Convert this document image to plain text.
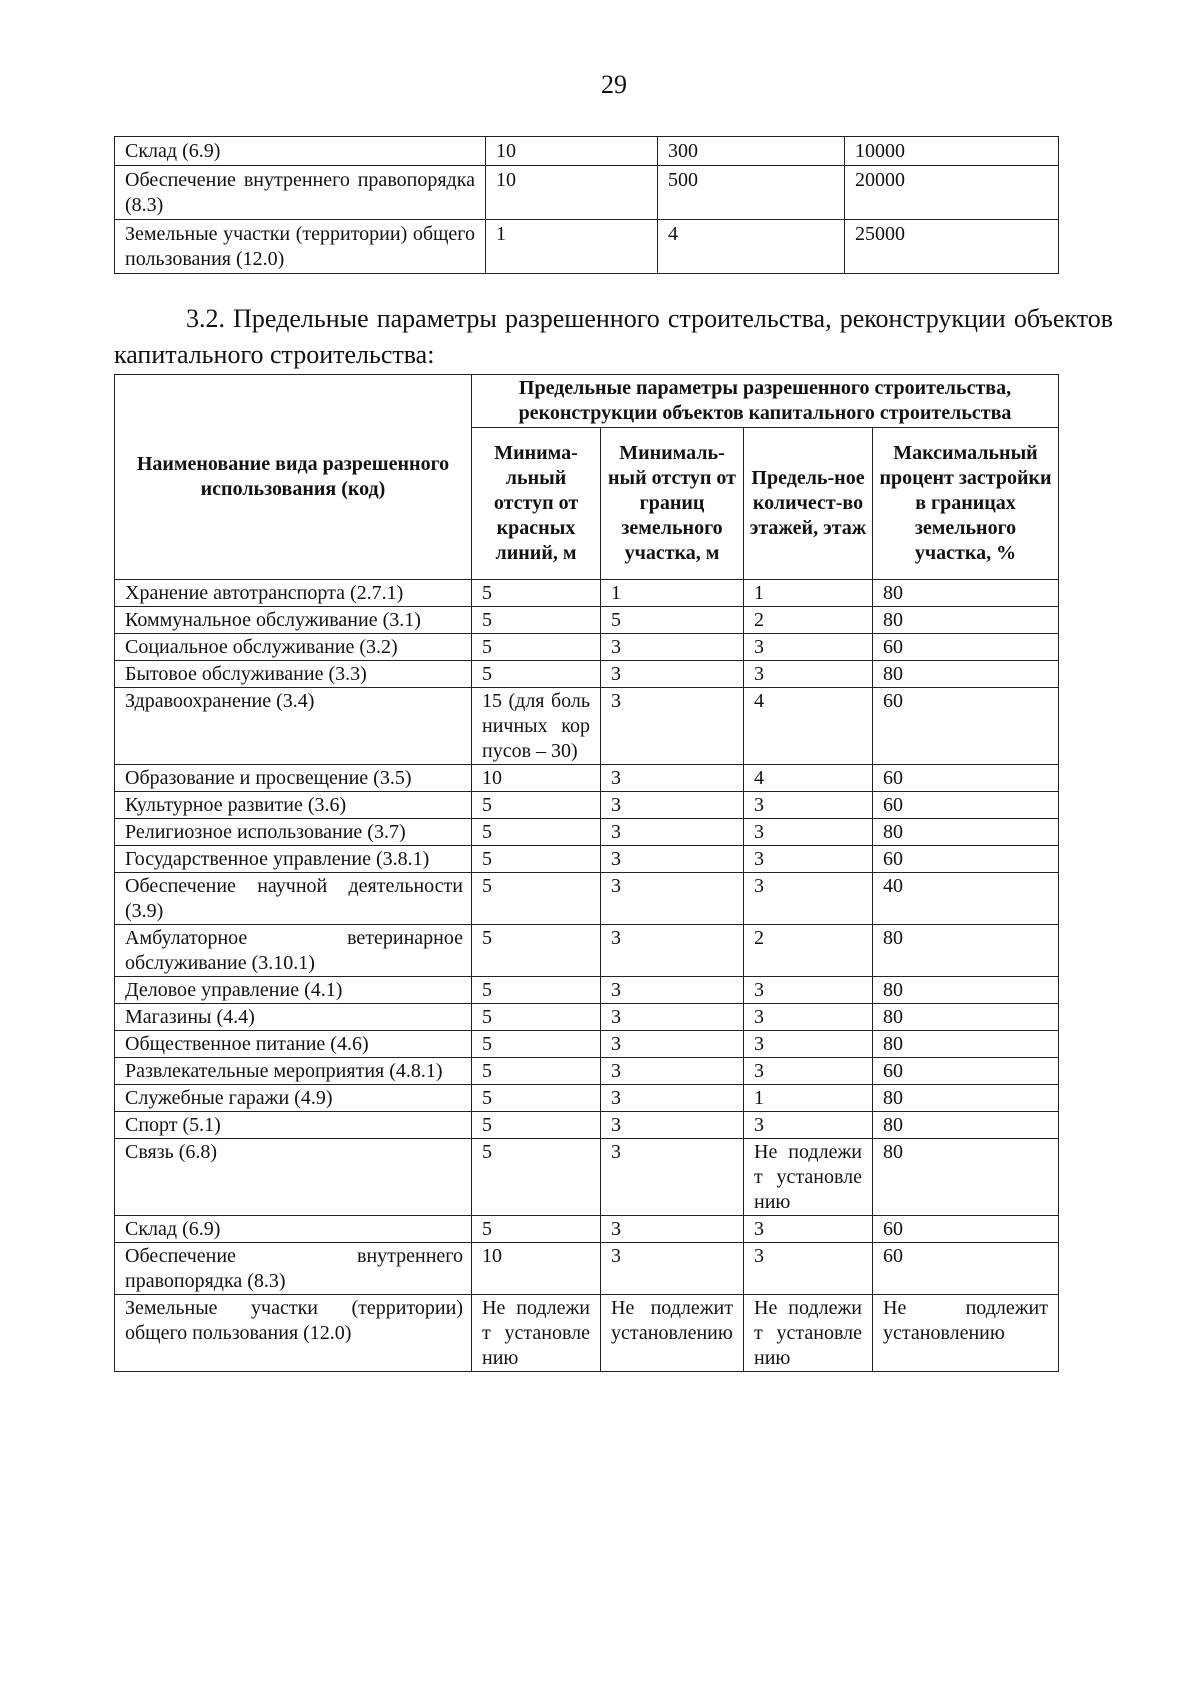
29
Склад (6.9)	10	300	10000
Обеспечение внутреннего правопорядка (8.3)	10	500	20000
Земельные участки (территории) общего пользования (12.0)	1	4	25000
3.2. Предельные параметры разрешенного строительства, реконструкции объектов капитального строительства:
Наименование вида разрешенного использования (код)	Предельные параметры разрешенного строительства, реконструкции объектов капитального строительства			
	Минима-льный отступ от красных линий, м	Минималь-ный отступ от границ земельного участка, м	Предель-ное количест-во этажей, этаж	Максимальный процент застройки в границах земельного участка, %
Хранение автотранспорта (2.7.1)	5	1	1	80
Коммунальное обслуживание (3.1)	5	5	2	80
Социальное обслуживание (3.2)	5	3	3	60
Бытовое обслуживание (3.3)	5	3	3	80
Здравоохранение (3.4)	15 (для больничных корпусов – 30)	3	4	60
Образование и просвещение (3.5)	10	3	4	60
Культурное развитие (3.6)	5	3	3	60
Религиозное использование (3.7)	5	3	3	80
Государственное управление (3.8.1)	5	3	3	60
Обеспечение научной деятельности (3.9)	5	3	3	40
Амбулаторное ветеринарное обслуживание (3.10.1)	5	3	2	80
Деловое управление (4.1)	5	3	3	80
Магазины (4.4)	5	3	3	80
Общественное питание (4.6)	5	3	3	80
Развлекательные мероприятия (4.8.1)	5	3	3	60
Служебные гаражи (4.9)	5	3	1	80
Спорт (5.1)	5	3	3	80
Связь (6.8)	5	3	Не подлежит установлению	80
Склад (6.9)	5	3	3	60
Обеспечение внутреннего правопорядка (8.3)	10	3	3	60
Земельные участки (территории) общего пользования (12.0)	Не подлежит установлению	Не подлежит установлению	Не подлежит установлению	Не подлежит установлению
